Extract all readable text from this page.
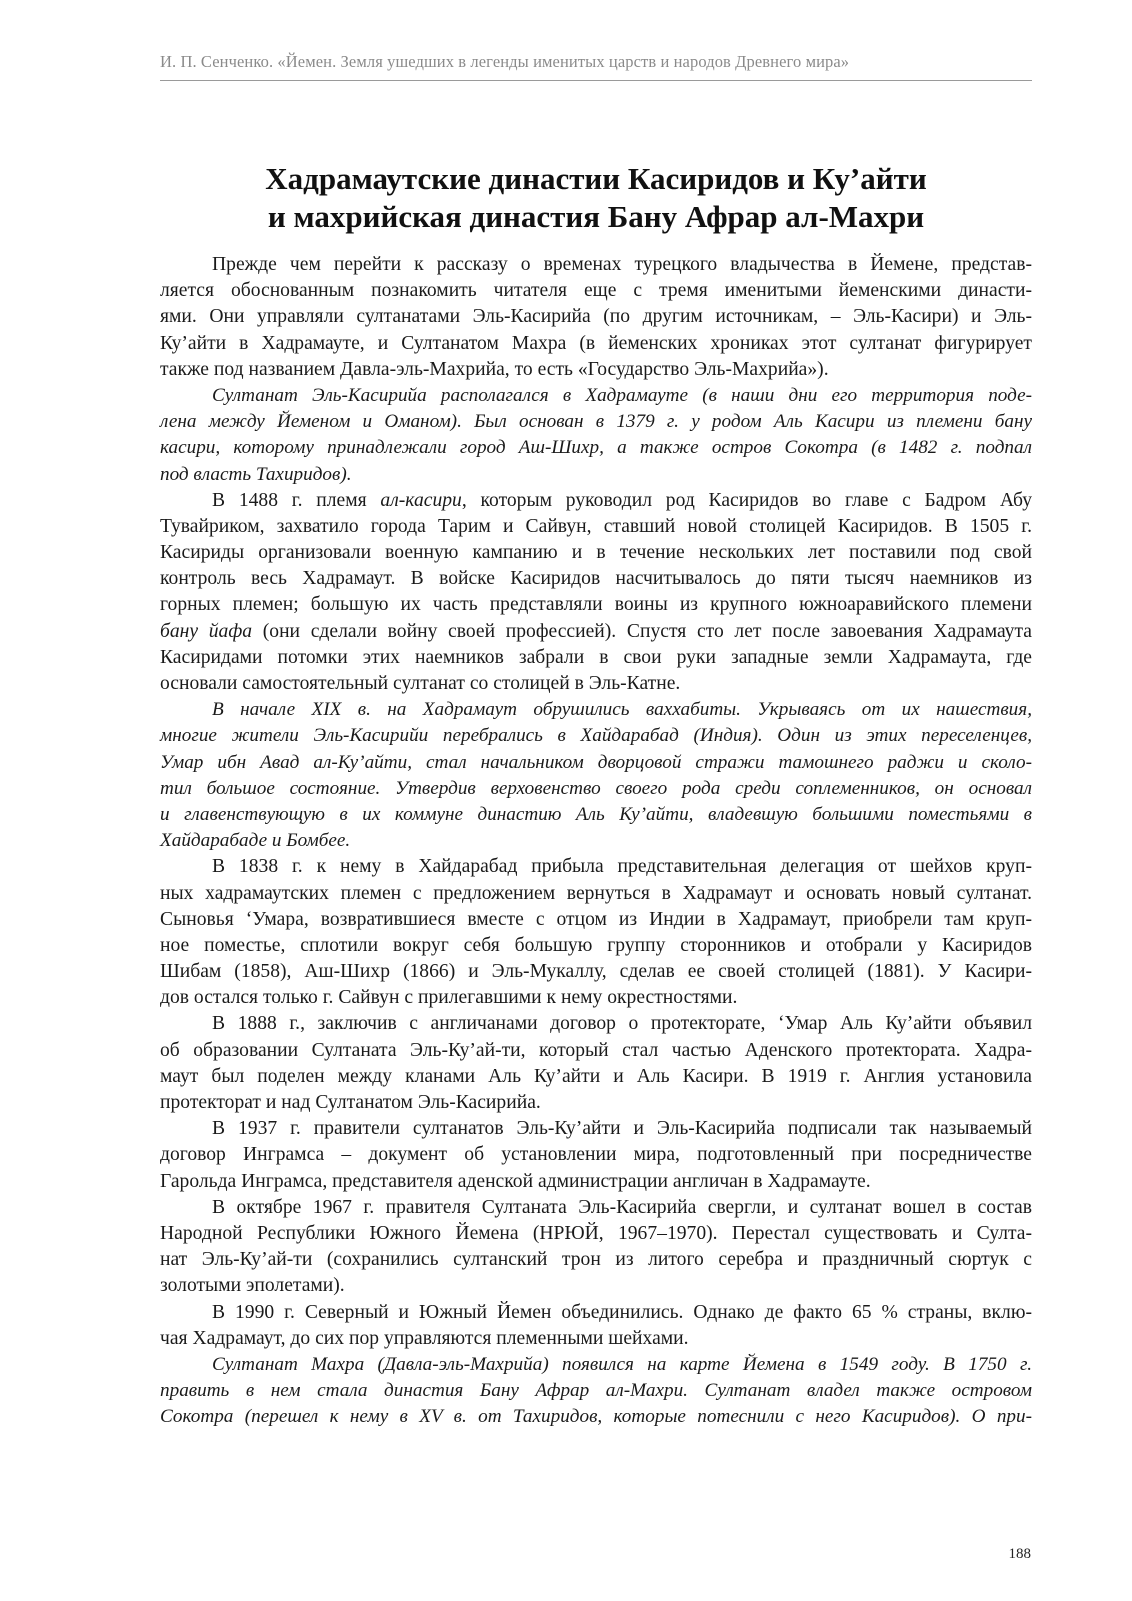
И. П. Сенченко. «Йемен. Земля ушедших в легенды именитых царств и народов Древнего мира»
Хадрамаутские династии Касиридов и Ку’айти
и махрийская династия Бану Афрар ал-Махри
Прежде чем перейти к рассказу о временах турецкого владычества в Йемене, представ-
ляется обоснованным познакомить читателя еще с тремя именитыми йеменскими династи-
ями. Они управляли султанатами Эль-Касирийа (по другим источникам, – Эль-Касири) и Эль-
Ку’айти в Хадрамауте, и Султанатом Махра (в йеменских хрониках этот султанат фигурирует
также под названием Давла-эль-Махрийа, то есть «Государство Эль-Махрийа»).
Султанат Эль-Касирийа располагался в Хадрамауте (в наши дни его территория поде-
лена между Йеменом и Оманом). Был основан в 1379 г. у родом Аль Касири из племени бану
касири, которому принадлежали город Аш-Шихр, а также остров Сокотра (в 1482 г. подпал
под власть Тахиридов).
В 1488 г. племя ал-касири, которым руководил род Касиридов во главе с Бадром Абу
Тувайриком, захватило города Тарим и Сайвун, ставший новой столицей Касиридов. В 1505 г.
Касириды организовали военную кампанию и в течение нескольких лет поставили под свой
контроль весь Хадрамаут. В войске Касиридов насчитывалось до пяти тысяч наемников из
горных племен; большую их часть представляли воины из крупного южноаравийского племени
бану йафа (они сделали войну своей профессией). Спустя сто лет после завоевания Хадрамаута
Касиридами потомки этих наемников забрали в свои руки западные земли Хадрамаута, где
основали самостоятельный султанат со столицей в Эль-Катне.
В начале XIX в. на Хадрамаут обрушились ваххабиты. Укрываясь от их нашествия,
многие жители Эль-Касирийи перебрались в Хайдарабад (Индия). Один из этих переселенцев,
Умар ибн Авад ал-Ку’айти, стал начальником дворцовой стражи тамошнего раджи и сколо-
тил большое состояние. Утвердив верховенство своего рода среди соплеменников, он основал
и главенствующую в их коммуне династию Аль Ку’айти, владевшую большими поместьями в
Хайдарабаде и Бомбее.
В 1838 г. к нему в Хайдарабад прибыла представительная делегация от шейхов круп-
ных хадрамаутских племен с предложением вернуться в Хадрамаут и основать новый султанат.
Сыновья ‘Умара, возвратившиеся вместе с отцом из Индии в Хадрамаут, приобрели там круп-
ное поместье, сплотили вокруг себя большую группу сторонников и отобрали у Касиридов
Шибам (1858), Аш-Шихр (1866) и Эль-Мукаллу, сделав ее своей столицей (1881). У Касири-
дов остался только г. Сайвун с прилегавшими к нему окрестностями.
В 1888 г., заключив с англичанами договор о протекторате, ‘Умар Аль Ку’айти объявил
об образовании Султаната Эль-Ку’ай-ти, который стал частью Аденского протектората. Хадра-
маут был поделен между кланами Аль Ку’айти и Аль Касири. В 1919 г. Англия установила
протекторат и над Султанатом Эль-Касирийа.
В 1937 г. правители султанатов Эль-Ку’айти и Эль-Касирийа подписали так называемый
договор Инграмса – документ об установлении мира, подготовленный при посредничестве
Гарольда Инграмса, представителя аденской администрации англичан в Хадрамауте.
В октябре 1967 г. правителя Султаната Эль-Касирийа свергли, и султанат вошел в состав
Народной Республики Южного Йемена (НРЮЙ, 1967–1970). Перестал существовать и Султа-
нат Эль-Ку’ай-ти (сохранились султанский трон из литого серебра и праздничный сюртук с
золотыми эполетами).
В 1990 г. Северный и Южный Йемен объединились. Однако де факто 65 % страны, вклю-
чая Хадрамаут, до сих пор управляются племенными шейхами.
Султанат Махра (Давла-эль-Махрийа) появился на карте Йемена в 1549 году. В 1750 г.
править в нем стала династия Бану Афрар ал-Махри. Султанат владел также островом
Сокотра (перешел к нему в XV в. от Тахиридов, которые потеснили с него Касиридов). О при-
188
